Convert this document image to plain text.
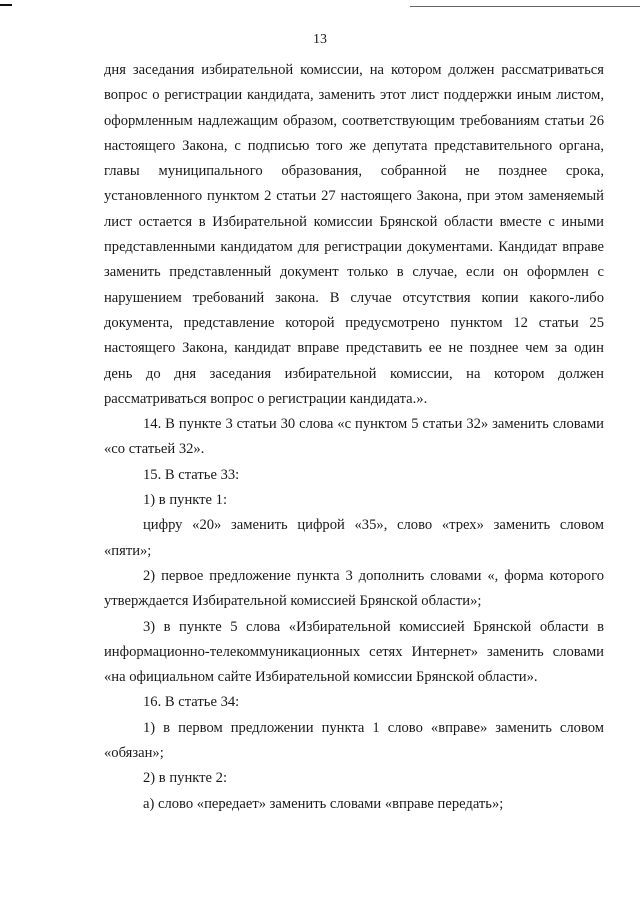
13

дня заседания избирательной комиссии, на котором должен рассматриваться вопрос о регистрации кандидата, заменить этот лист поддержки иным листом, оформленным надлежащим образом, соответствующим требованиям статьи 26 настоящего Закона, с подписью того же депутата представительного органа, главы муниципального образования, собранной не позднее срока, установленного пунктом 2 статьи 27 настоящего Закона, при этом заменяемый лист остается в Избирательной комиссии Брянской области вместе с иными представленными кандидатом для регистрации документами. Кандидат вправе заменить представленный документ только в случае, если он оформлен с нарушением требований закона. В случае отсутствия копии какого-либо документа, представление которой предусмотрено пунктом 12 статьи 25 настоящего Закона, кандидат вправе представить ее не позднее чем за один день до дня заседания избирательной комиссии, на котором должен рассматриваться вопрос о регистрации кандидата.».

14. В пункте 3 статьи 30 слова «с пунктом 5 статьи 32» заменить словами «со статьей 32».

15. В статье 33:

1) в пункте 1:

цифру «20» заменить цифрой «35», слово «трех» заменить словом «пяти»;

2) первое предложение пункта 3 дополнить словами «, форма которого утверждается Избирательной комиссией Брянской области»;

3) в пункте 5 слова «Избирательной комиссией Брянской области в информационно-телекоммуникационных сетях Интернет» заменить словами «на официальном сайте Избирательной комиссии Брянской области».

16. В статье 34:

1) в первом предложении пункта 1 слово «вправе» заменить словом «обязан»;

2) в пункте 2:

а) слово «передает» заменить словами «вправе передать»;
